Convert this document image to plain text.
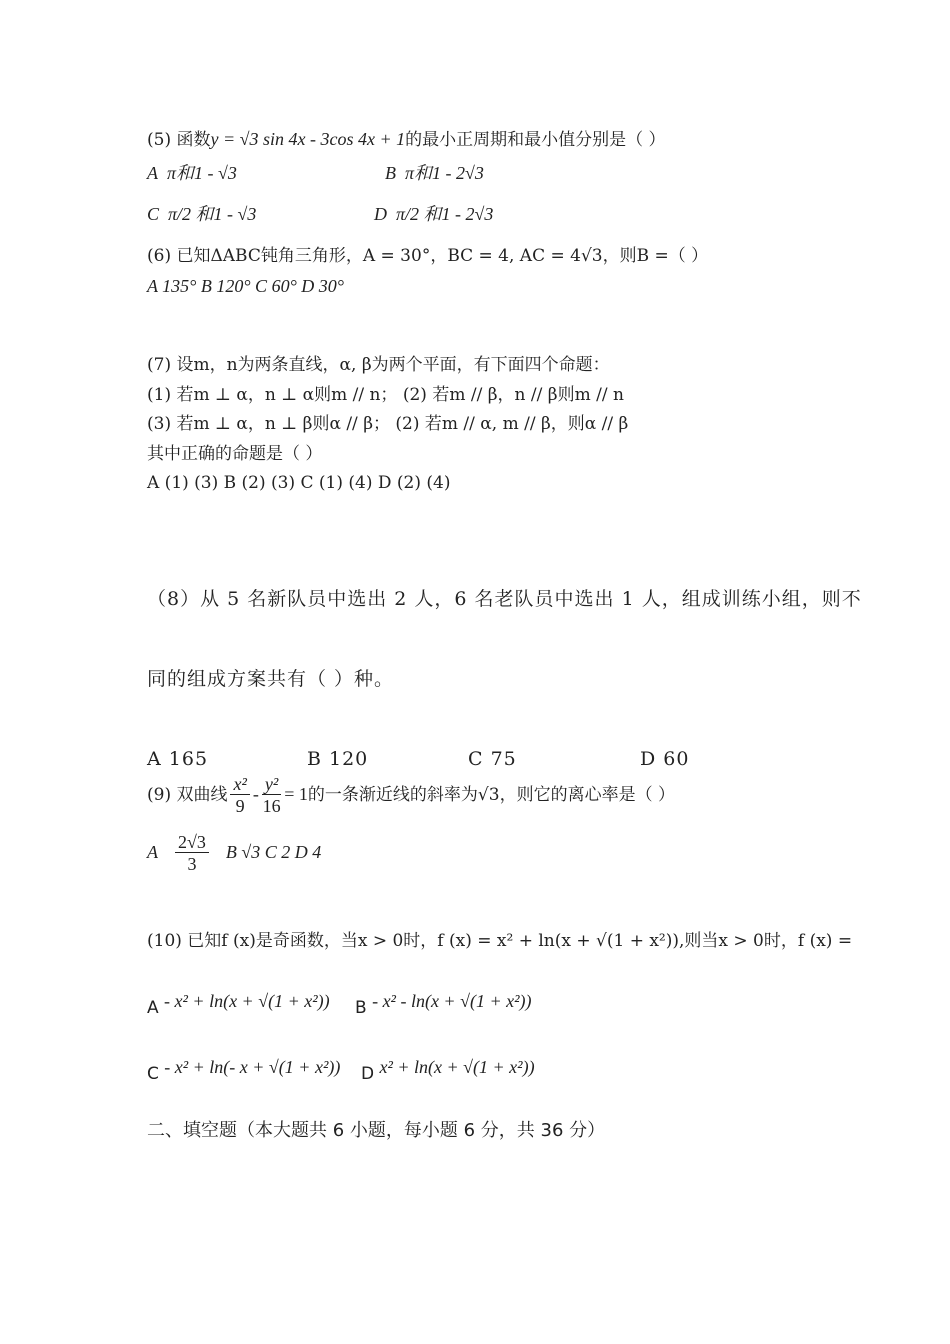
(5) 函数y = √3 sin 4x - 3cos 4x + 1的最小正周期和最小值分别是（ ）
A  π和1 - √3	B  π和1 - 2√3
C  π/2 和1 - √3	D  π/2 和1 - 2√3
(6) 已知ΔABC钝角三角形，A = 30°，BC = 4, AC = 4√3，则B =（ ）
A 135° B 120° C 60° D 30°
(7) 设m，n为两条直线，α, β为两个平面，有下面四个命题：
(1) 若m ⊥ α，n ⊥ α则m // n； (2) 若m // β，n // β则m // n
(3) 若m ⊥ α，n ⊥ β则α // β； (2) 若m // α, m // β，则α // β
其中正确的命题是（ ）
A (1) (3) B (2) (3) C (1) (4) D (2) (4)
（8）从 5 名新队员中选出 2 人，6 名老队员中选出 1 人，组成训练小组，则不
同的组成方案共有（ ）种。
A 165	B 120	C 75	D 60
(9) 双曲线 $\frac{\text{x²}}{9} - \frac{\text{y²}}{16} = 1$的一条渐近线的斜率为√3，则它的离心率是（ ）
A $\frac{2√3}{3}$ B √3 C 2 D 4
(10) 已知f (x)是奇函数，当x > 0时，f (x) = x² + ln(x + √(1 + x²)),则当x > 0时，f (x) =
A - x² + ln(x + √(1 + x²)) B - x² - ln(x + √(1 + x²))
C - x² + ln(- x + √(1 + x²)) D x² + ln(x + √(1 + x²))
二、填空题（本大题共 6 小题，每小题 6 分，共 36 分）
